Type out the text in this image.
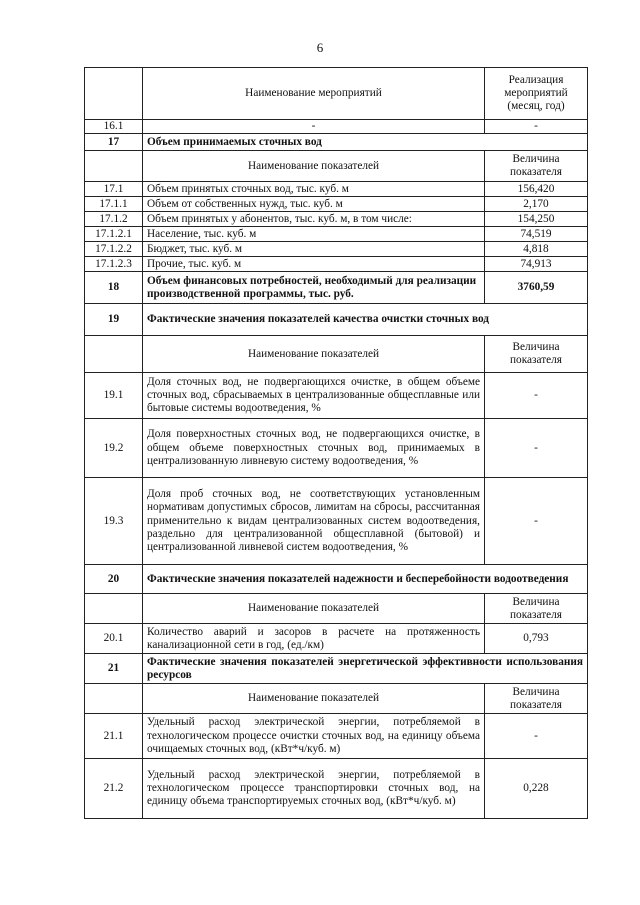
6
	Наименование мероприятий	Реализация мероприятий (месяц, год)
16.1	-	-
17	Объем принимаемых сточных вод	
	Наименование показателей	Величина показателя
17.1	Объем принятых сточных вод, тыс. куб. м	156,420
17.1.1	Объем от собственных нужд, тыс. куб. м	2,170
17.1.2	Объем принятых у абонентов, тыс. куб. м, в том числе:	154,250
17.1.2.1	Население, тыс. куб. м	74,519
17.1.2.2	Бюджет, тыс. куб. м	4,818
17.1.2.3	Прочие, тыс. куб. м	74,913
18	Объем финансовых потребностей, необходимый для реализации производственной программы, тыс. руб.	3760,59
19	Фактические значения показателей качества очистки сточных вод	
	Наименование показателей	Величина показателя
19.1	Доля сточных вод, не подвергающихся очистке, в общем объеме сточных вод, сбрасываемых в централизованные общесплавные или бытовые системы водоотведения, %	-
19.2	Доля поверхностных сточных вод, не подвергающихся очистке, в общем объеме поверхностных сточных вод, принимаемых в централизованную ливневую систему водоотведения, %	-
19.3	Доля проб сточных вод, не соответствующих установленным нормативам допустимых сбросов, лимитам на сбросы, рассчитанная применительно к видам централизованных систем водоотведения, раздельно для централизованной общесплавной (бытовой) и централизованной ливневой систем водоотведения, %	-
20	Фактические значения показателей надежности и бесперебойности водоотведения	
	Наименование показателей	Величина показателя
20.1	Количество аварий и засоров в расчете на протяженность канализационной сети в год, (ед./км)	0,793
21	Фактические значения показателей энергетической эффективности использования ресурсов	
	Наименование показателей	Величина показателя
21.1	Удельный расход электрической энергии, потребляемой в технологическом процессе очистки сточных вод, на единицу объема очищаемых сточных вод, (кВт*ч/куб. м)	-
21.2	Удельный расход электрической энергии, потребляемой в технологическом процессе транспортировки сточных вод, на единицу объема транспортируемых сточных вод, (кВт*ч/куб. м)	0,228
